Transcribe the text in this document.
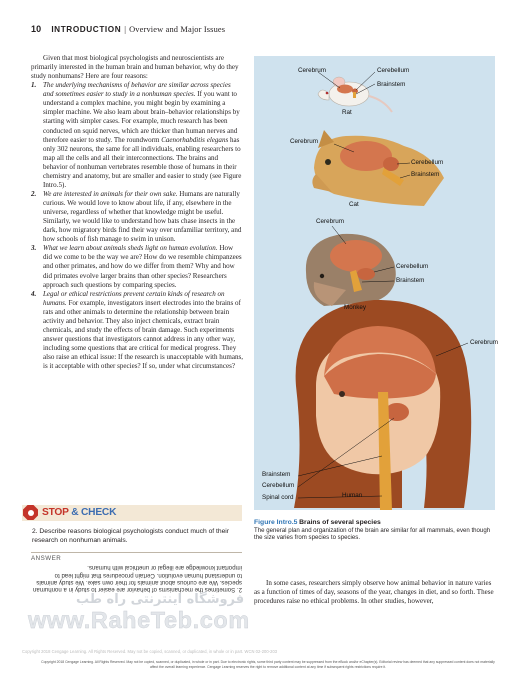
10 INTRODUCTION | Overview and Major Issues

Given that most biological psychologists and neuroscientists are primarily interested in the human brain and human behavior, why do they study nonhumans? Here are four reasons:

1. The underlying mechanisms of behavior are similar across species and sometimes easier to study in a nonhuman species. If you want to understand a complex machine, you might begin by examining a simpler machine. We also learn about brain–behavior relationships by starting with simpler cases. For example, much research has been conducted on squid nerves, which are thicker than human nerves and therefore easier to study. The roundworm Caenorhabditis elegans has only 302 neurons, the same for all individuals, enabling researchers to map all the cells and all their interconnections. The brains and behavior of nonhuman vertebrates resemble those of humans in their chemistry and anatomy, but are smaller and easier to study (see Figure Intro.5).
2. We are interested in animals for their own sake. Humans are naturally curious. We would love to know about life, if any, elsewhere in the universe, regardless of whether that knowledge might be useful. Similarly, we would like to understand how bats chase insects in the dark, how migratory birds find their way over unfamiliar territory, and how schools of fish manage to swim in unison.
3. What we learn about animals sheds light on human evolution. How did we come to be the way we are? How do we resemble chimpanzees and other primates, and how do we differ from them? Why and how did primates evolve larger brains than other species? Researchers approach such questions by comparing species.
4. Legal or ethical restrictions prevent certain kinds of research on humans. For example, investigators insert electrodes into the brains of rats and other animals to determine the relationship between brain activity and behavior. They also inject chemicals, extract brain chemicals, and study the effects of brain damage. Such experiments answer questions that investigators cannot address in any other way, including some questions that are critical for medical progress. They also raise an ethical issue: If the research is unacceptable with humans, is it acceptable with other species? If so, under what circumstances?
STOP & CHECK
2. Describe reasons biological psychologists conduct much of their research on nonhuman animals.
ANSWER
2. Sometimes the mechanisms of behavior are easier to study in a nonhuman species. We are curious about animals for their own sake. We study animals to understand human evolution. Certain procedures that might lead to important knowledge are illegal or unethical with humans.
فروشگاه اینترنتی راه طب
www.RaheTeb.com
Cerebrum	Cerebellum
Brainstem
Rat
Cerebrum
Cerebellum
Brainstem
Cat
Cerebrum
Cerebellum
Brainstem
Monkey
Cerebrum
Brainstem
Cerebellum
Spinal cord	Human
Figure Intro.5 Brains of several species
The general plan and organization of the brain are similar for all mammals, even though the size varies from species to species.

In some cases, researchers simply observe how animal behavior in nature varies as a function of times of day, seasons of the year, changes in diet, and so forth. These procedures raise no ethical problems. In other studies, however,

Copyright 2018 Cengage Learning. All Rights Reserved. May not be copied, scanned, or duplicated, in whole or in part. WCN 02-200-203
Copyright 2018 Cengage Learning. All Rights Reserved. May not be copied, scanned, or duplicated, in whole or in part. Due to electronic rights, some third party content may be suppressed from the eBook and/or eChapter(s). Editorial review has deemed that any suppressed content does not materially affect the overall learning experience. Cengage Learning reserves the right to remove additional content at any time if subsequent rights restrictions require it.
